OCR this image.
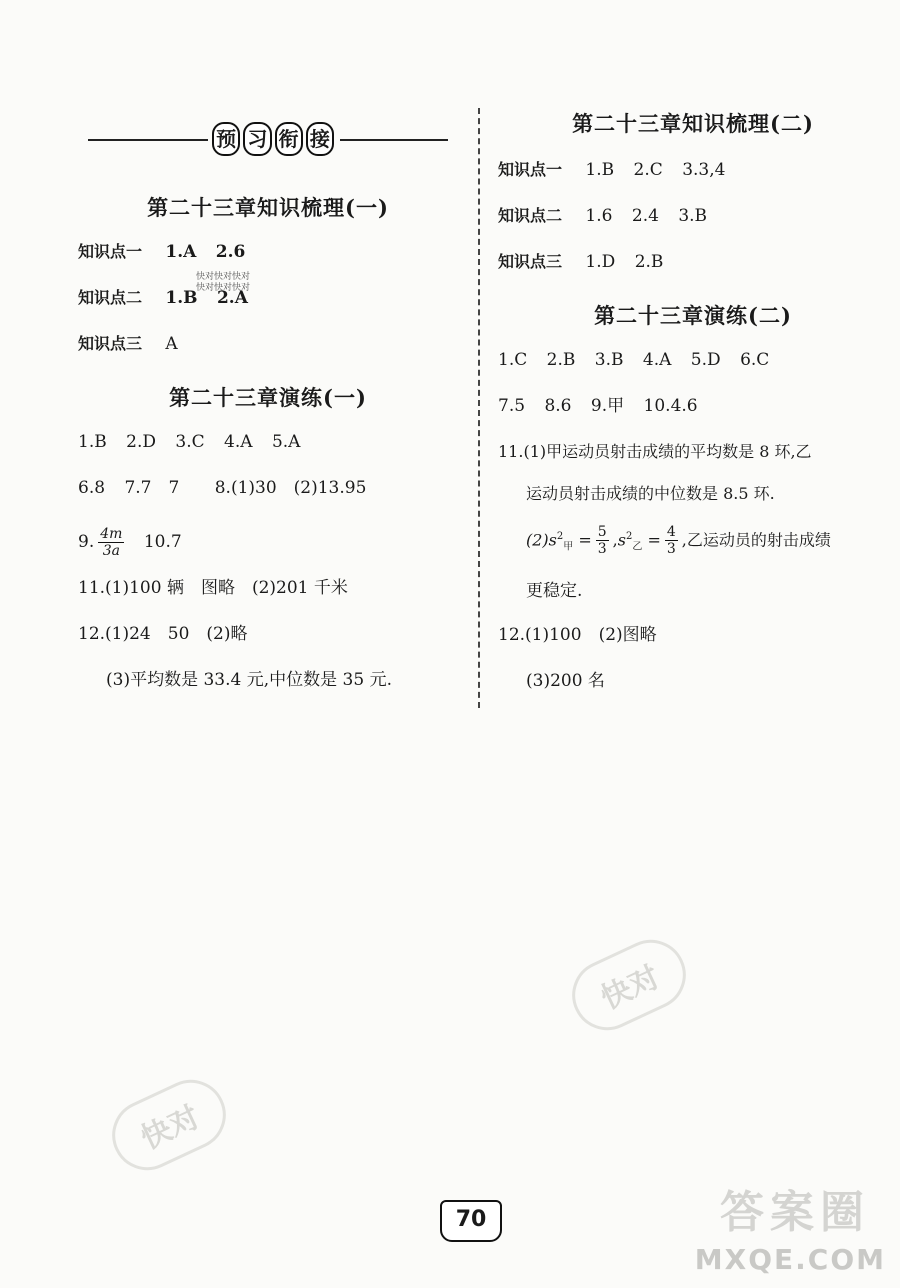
预 习 衔 接
第二十三章知识梳理(一)
知识点一 1.A 2.6
知识点二 1.B 2.A
知识点三 A
第二十三章演练(一)
1.B 2.D 3.C 4.A 5.A
6.8 7.7　7 8.(1)30　(2)13.95
9. $\frac{4m}{3a} 10.7$
11.(1)100 辆　图略　(2)201 千米
12.(1)24　50　(2)略
(3)平均数是 33.4 元,中位数是 35 元.
第二十三章知识梳理(二)
知识点一 1.B 2.C 3.3,4
知识点二 1.6 2.4 3.B
知识点三 1.D 2.B
第二十三章演练(二)
1.C 2.B 3.B 4.A 5.D 6.C
7.5 8.6 9.甲 10.4.6
11.(1)甲运动员射击成绩的平均数是 8 环,乙
运动员射击成绩的中位数是 8.5 环.
$(2)s^2_甲 = \frac{5}{3} ,s^2_乙 = \frac{4}{3}$ ,乙运动员的射击成绩
更稳定.
12.(1)100　(2)图略
(3)200 名
快对快对快对 快对快对快对
快对
快对
70	答案圈
MXQE.COM
